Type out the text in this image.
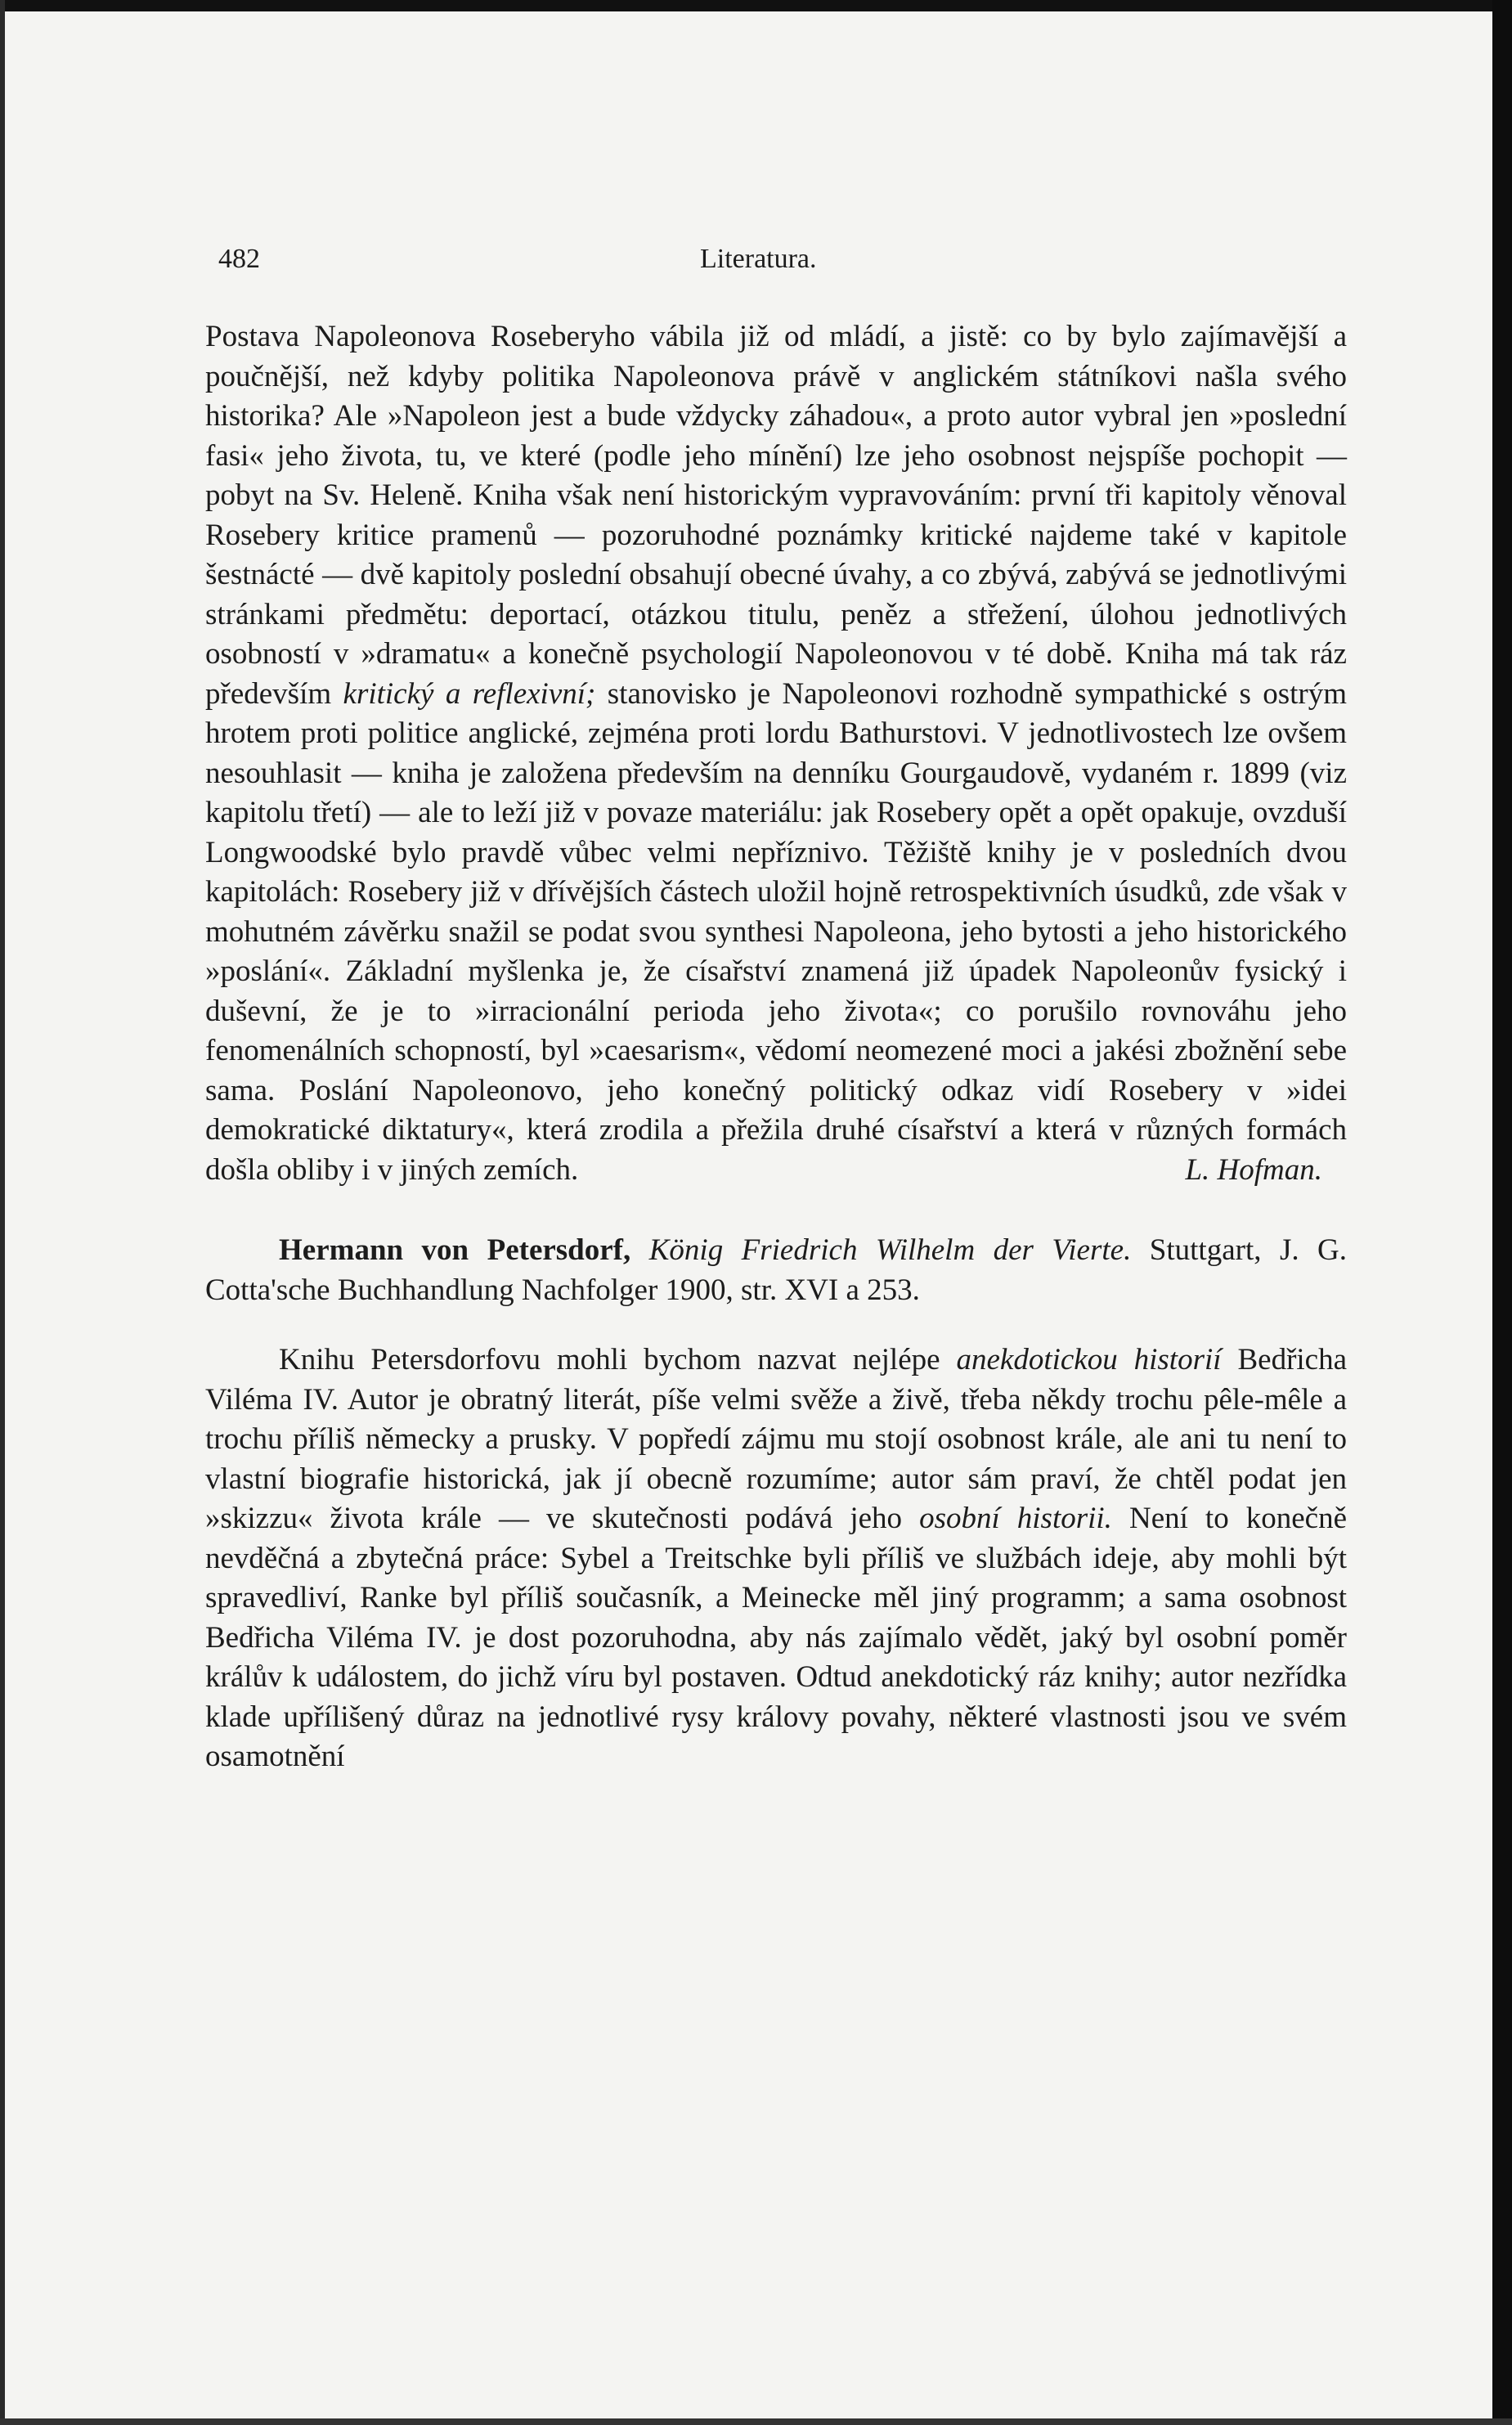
482	Literatura.

Postava Napoleonova Roseberyho vábila již od mládí, a jistě: co by bylo zajímavější a poučnější, než kdyby politika Napoleonova právě v anglickém státníkovi našla svého historika? Ale »Napoleon jest a bude vždycky záhadou«, a proto autor vybral jen »poslední fasi« jeho života, tu, ve které (podle jeho mínění) lze jeho osobnost nejspíše pochopit — pobyt na Sv. Heleně. Kniha však není historickým vypravováním: první tři kapitoly věnoval Rosebery kritice pramenů — pozoruhodné poznámky kritické najdeme také v kapitole šestnácté — dvě kapitoly poslední obsahují obecné úvahy, a co zbývá, zabývá se jednotlivými stránkami předmětu: deportací, otázkou titulu, peněz a střežení, úlohou jednotlivých osobností v »dramatu« a konečně psychologií Napoleonovou v té době. Kniha má tak ráz především kritický a reflexivní; stanovisko je Napoleonovi rozhodně sympathické s ostrým hrotem proti politice anglické, zejména proti lordu Bathurstovi. V jednotlivostech lze ovšem nesouhlasit — kniha je založena především na denníku Gourgaudově, vydaném r. 1899 (viz kapitolu třetí) — ale to leží již v povaze materiálu: jak Rosebery opět a opět opakuje, ovzduší Longwoodské bylo pravdě vůbec velmi nepříznivo. Těžiště knihy je v posledních dvou kapitolách: Rosebery již v dřívějších částech uložil hojně retrospektivních úsudků, zde však v mohutném závěrku snažil se podat svou synthesi Napoleona, jeho bytosti a jeho historického »poslání«. Základní myšlenka je, že císařství znamená již úpadek Napoleonův fysický i duševní, že je to »irracionální perioda jeho života«; co porušilo rovnováhu jeho fenomenálních schopností, byl »caesarism«, vědomí neomezené moci a jakési zbožnění sebe sama. Poslání Napoleonovo, jeho konečný politický odkaz vidí Rosebery v »idei demokratické diktatury«, která zrodila a přežila druhé císařství a která v různých formách došla obliby i v jiných zemích.	L. Hofman.

Hermann von Petersdorf, König Friedrich Wilhelm der Vierte. Stuttgart, J. G. Cotta'sche Buchhandlung Nachfolger 1900, str. XVI a 253.

Knihu Petersdorfovu mohli bychom nazvat nejlépe anekdotickou historií Bedřicha Viléma IV. Autor je obratný literát, píše velmi svěže a živě, třeba někdy trochu pêle-mêle a trochu příliš německy a prusky. V popředí zájmu mu stojí osobnost krále, ale ani tu není to vlastní biografie historická, jak jí obecně rozumíme; autor sám praví, že chtěl podat jen »skizzu« života krále — ve skutečnosti podává jeho osobní historii. Není to konečně nevděčná a zbytečná práce: Sybel a Treitschke byli příliš ve službách ideje, aby mohli být spravedliví, Ranke byl příliš současník, a Meinecke měl jiný programm; a sama osobnost Bedřicha Viléma IV. je dost pozoruhodna, aby nás zajímalo vědět, jaký byl osobní poměr králův k událostem, do jichž víru byl postaven. Odtud anekdotický ráz knihy; autor nezřídka klade upřílišený důraz na jednotlivé rysy královy povahy, některé vlastnosti jsou ve svém osamotnění
